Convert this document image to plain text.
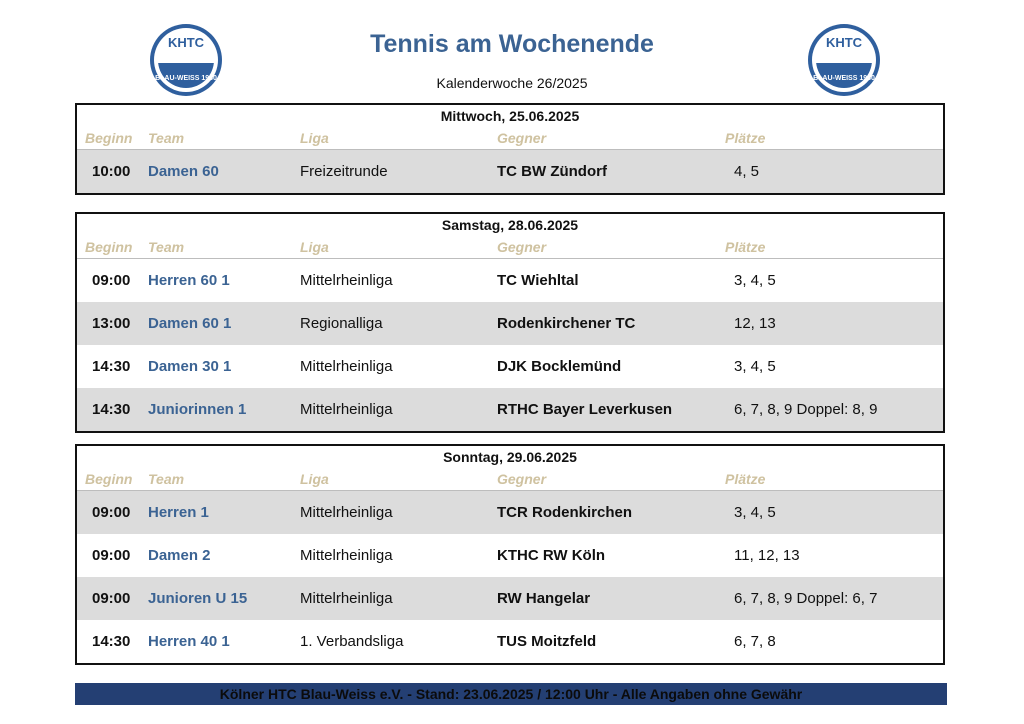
KHTC
BLAU-WEISS 1930
KHTC
BLAU-WEISS 1930
Tennis am Wochenende
Kalenderwoche 26/2025
Mittwoch, 25.06.2025
Beginn Team	Liga	Gegner	Plätze
10:00 Damen 60	Freizeitrunde	TC BW Zündorf	4, 5
Samstag, 28.06.2025
Beginn Team	Liga	Gegner	Plätze
09:00 Herren 60 1	Mittelrheinliga	TC Wiehltal	3, 4, 5
13:00 Damen 60 1	Regionalliga	Rodenkirchener TC	12, 13
14:30 Damen 30 1	Mittelrheinliga	DJK Bocklemünd	3, 4, 5
14:30 Juniorinnen 1	Mittelrheinliga	RTHC Bayer Leverkusen	6, 7, 8, 9 Doppel: 8, 9
Sonntag, 29.06.2025
Beginn Team	Liga	Gegner	Plätze
09:00 Herren 1	Mittelrheinliga	TCR Rodenkirchen	3, 4, 5
09:00 Damen 2	Mittelrheinliga	KTHC RW Köln	11, 12, 13
09:00 Junioren U 15	Mittelrheinliga	RW Hangelar	6, 7, 8, 9 Doppel: 6, 7
14:30 Herren 40 1	1. Verbandsliga	TUS Moitzfeld	6, 7, 8
Kölner HTC Blau-Weiss e.V. - Stand: 23.06.2025 / 12:00 Uhr - Alle Angaben ohne Gewähr
